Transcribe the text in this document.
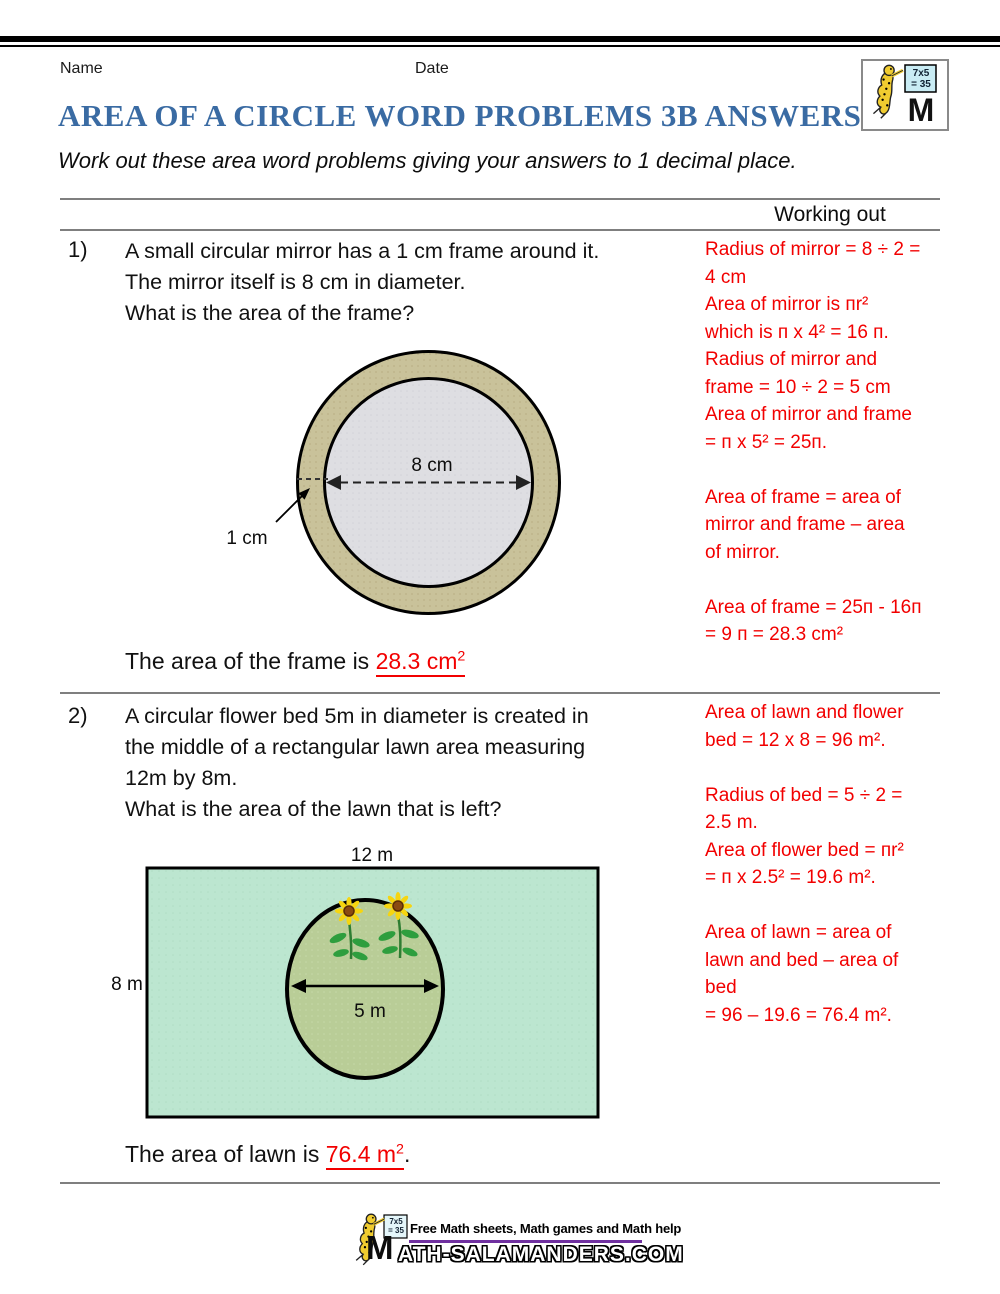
Name	Date	7x5
= 35
M
AREA OF A CIRCLE WORD PROBLEMS 3B ANSWERS
Work out these area word problems giving your answers to 1 decimal place.
Working out
1) A small circular mirror has a 1 cm frame around it.
The mirror itself is 8 cm in diameter.
What is the area of the frame?
Radius of mirror = 8 ÷ 2 =
4 cm
Area of mirror is пr²
which is п x 4² = 16 п.
Radius of mirror and
frame = 10 ÷ 2 = 5 cm
Area of mirror and frame
= п x 5² = 25п.
Area of frame = area of
mirror and frame – area
of mirror.
Area of frame = 25п - 16п
= 9 п = 28.3 cm²
8 cm
1 cm
The area of the frame is 28.3 $cm^2$
2) A circular flower bed 5m in diameter is created in
the middle of a rectangular lawn area measuring
12m by 8m.
What is the area of the lawn that is left?
Area of lawn and flower
bed = 12 x 8 = 96 m².
Radius of bed = 5 ÷ 2 =
2.5 m.
Area of flower bed = пr²
= п x 2.5² = 19.6 m².
Area of lawn = area of
lawn and bed – area of
bed
= 96 – 19.6 = 76.4 m².
12 m
8 m
5 m
The area of lawn is 76.4 $m^2$.
7x5
= 35 Free Math sheets, Math games and Math help
M ATH-SALAMANDERS.COM
